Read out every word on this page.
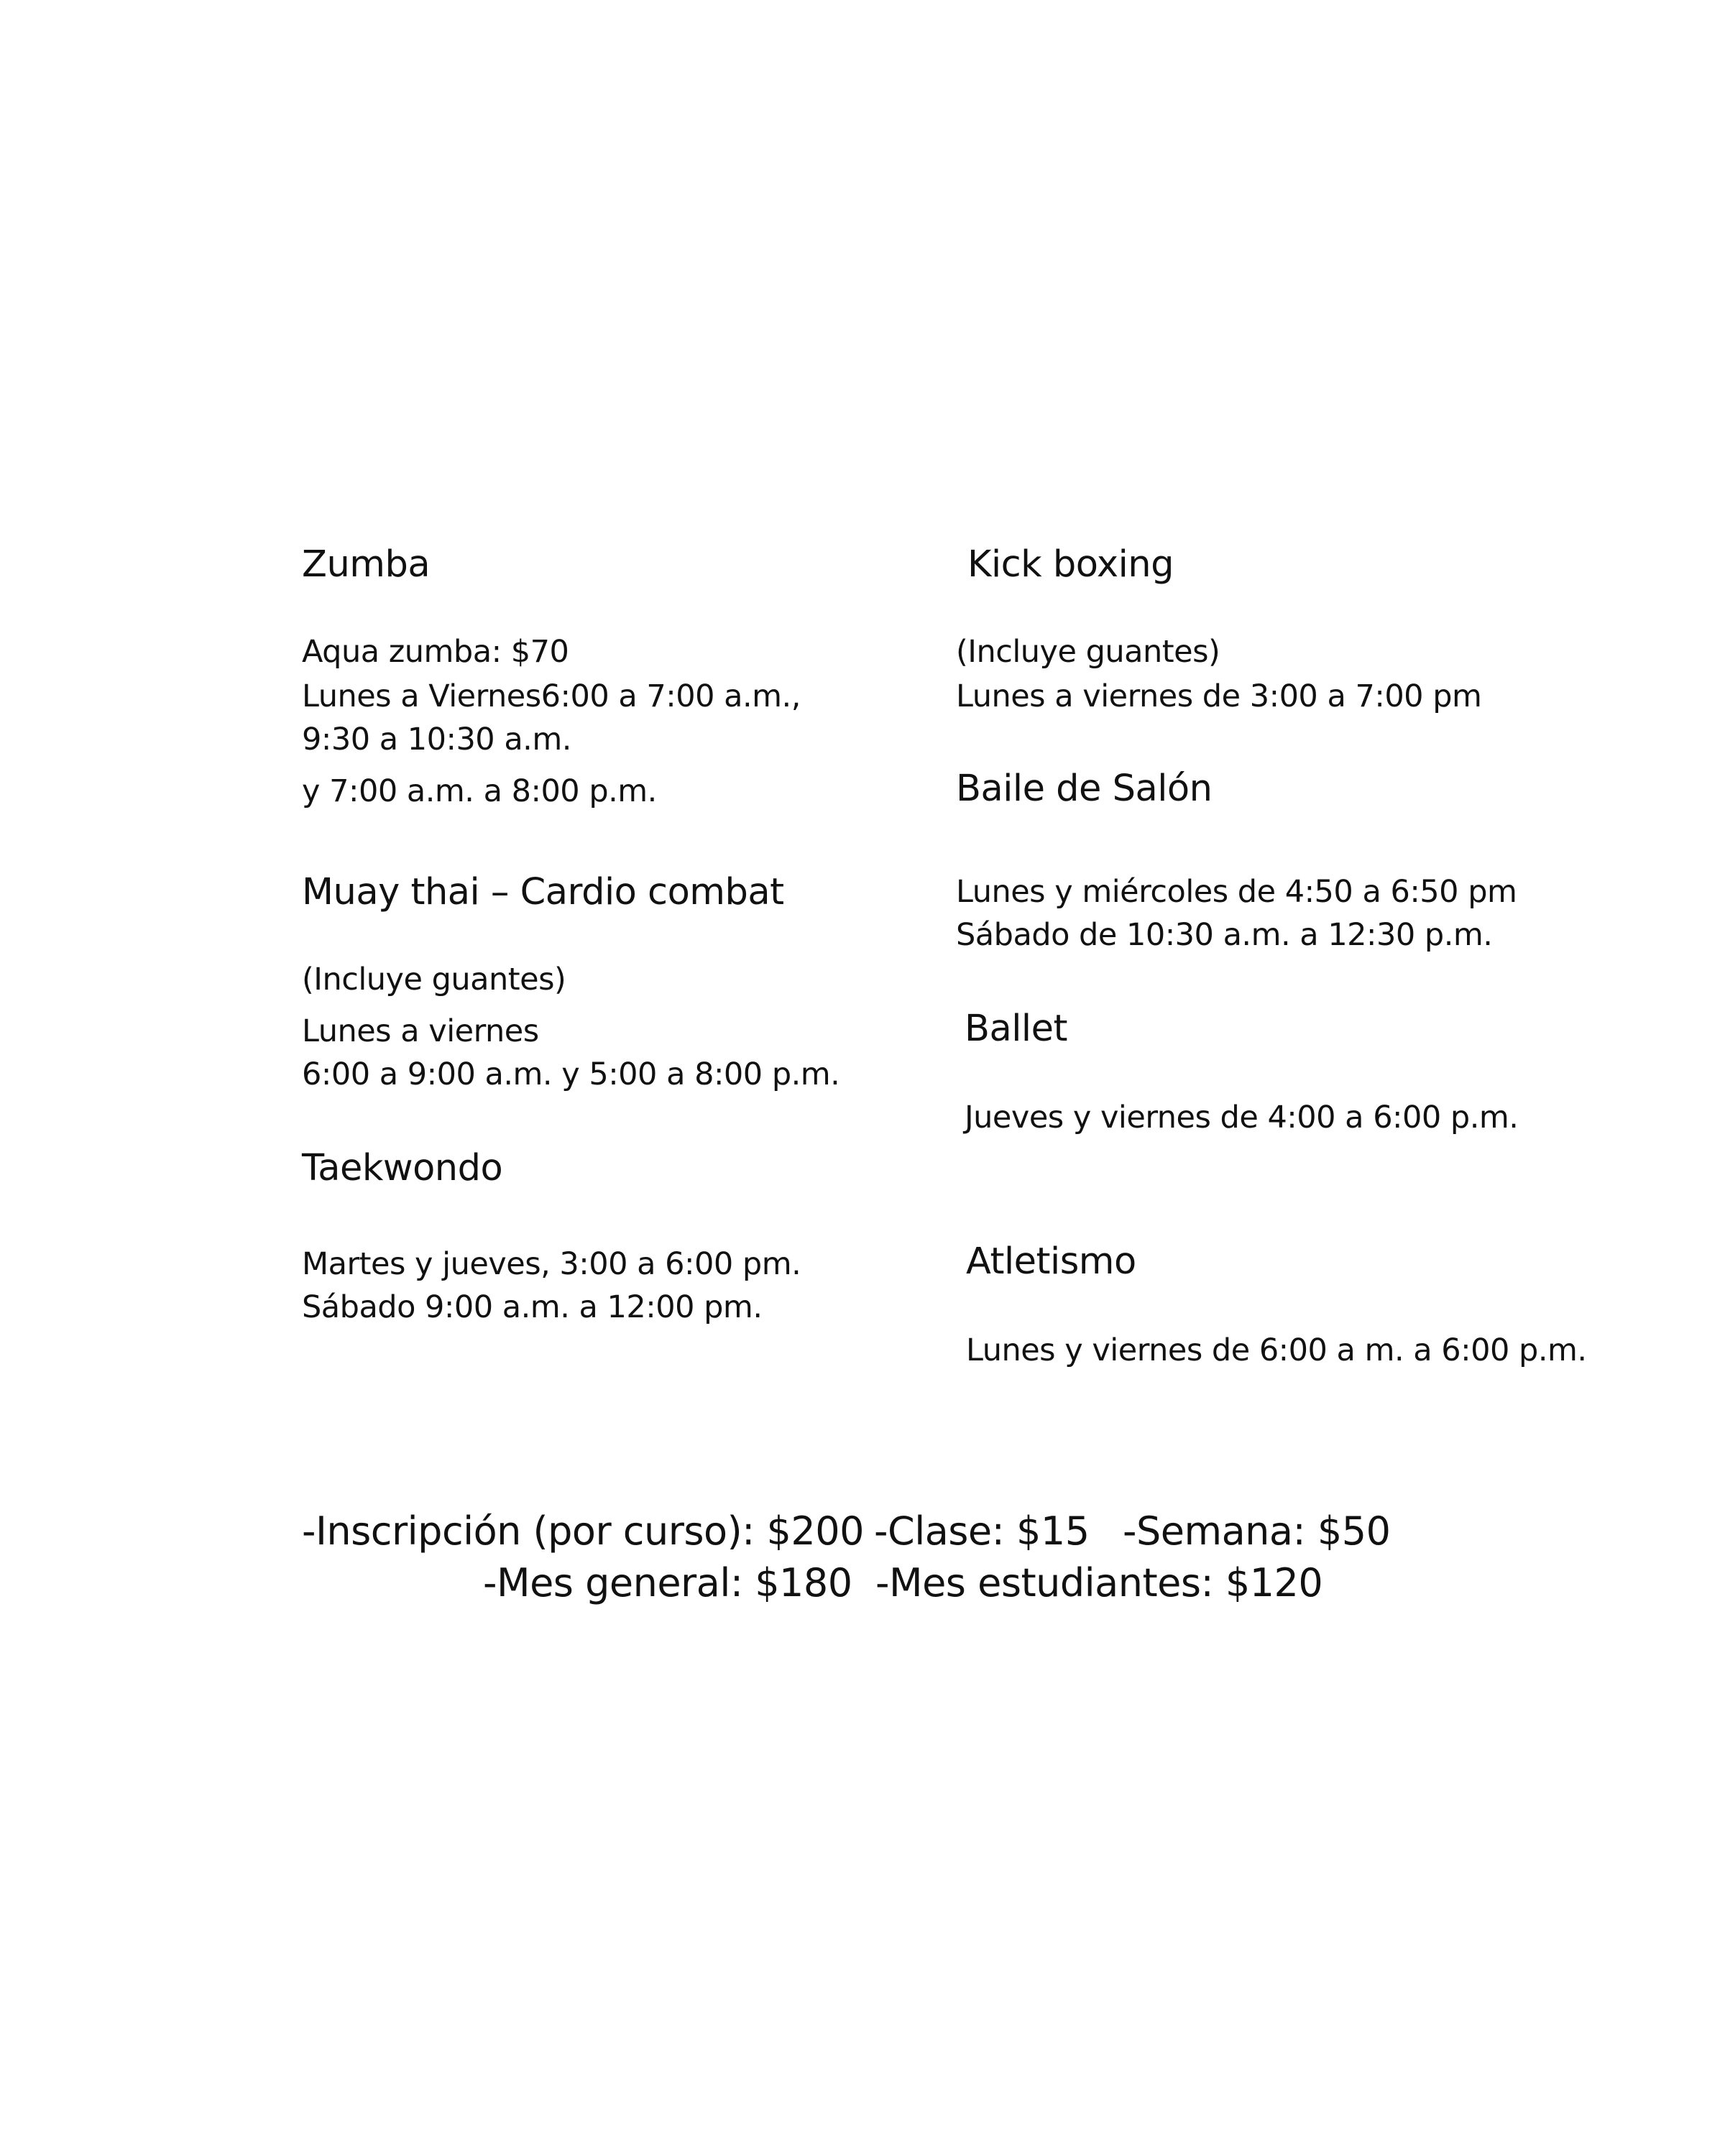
Zumba

Aqua zumba: $70

Lunes a Viernes6:00 a 7:00 a.m.,

9:30 a 10:30 a.m.

y 7:00 a.m. a 8:00 p.m.

Muay thai – Cardio combat

(Incluye guantes)

Lunes a viernes

6:00 a 9:00 a.m. y 5:00 a 8:00 p.m.

Taekwondo

Martes y jueves, 3:00 a 6:00 pm.

Sábado 9:00 a.m. a 12:00 pm.

Kick boxing

(Incluye guantes)

Lunes a viernes de 3:00 a 7:00 pm

Baile de Salón

Lunes y miércoles de 4:50 a 6:50 pm

Sábado de 10:30 a.m. a 12:30 p.m.

Ballet

Jueves y viernes de 4:00 a 6:00 p.m.

Atletismo

Lunes y viernes de 6:00 a m. a 6:00 p.m.

-Inscripción (por curso): $200 -Clase: $15 -Semana: $50

-Mes general: $180 -Mes estudiantes: $120
